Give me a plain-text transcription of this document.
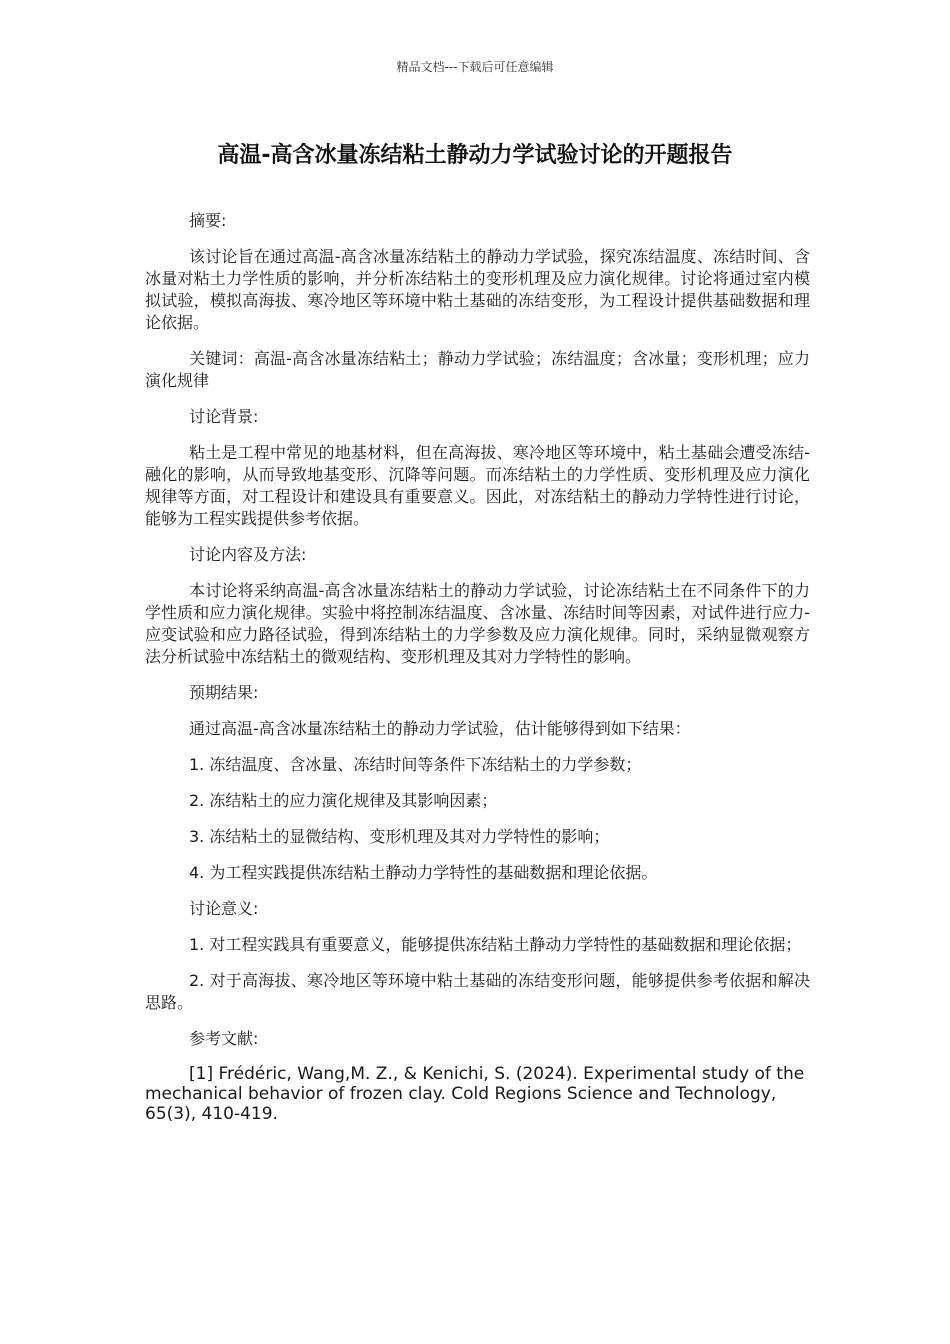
精品文档---下载后可任意编辑
高温-高含冰量冻结粘土静动力学试验讨论的开题报告
摘要:
该讨论旨在通过高温-高含冰量冻结粘土的静动力学试验，探究冻结温度、冻结时间、含冰量对粘土力学性质的影响，并分析冻结粘土的变形机理及应力演化规律。讨论将通过室内模拟试验，模拟高海拔、寒冷地区等环境中粘土基础的冻结变形，为工程设计提供基础数据和理论依据。
关键词：高温-高含冰量冻结粘土；静动力学试验；冻结温度；含冰量；变形机理；应力演化规律
讨论背景:
粘土是工程中常见的地基材料，但在高海拔、寒冷地区等环境中，粘土基础会遭受冻结-融化的影响，从而导致地基变形、沉降等问题。而冻结粘土的力学性质、变形机理及应力演化规律等方面，对工程设计和建设具有重要意义。因此，对冻结粘土的静动力学特性进行讨论，能够为工程实践提供参考依据。
讨论内容及方法:
本讨论将采纳高温-高含冰量冻结粘土的静动力学试验，讨论冻结粘土在不同条件下的力学性质和应力演化规律。实验中将控制冻结温度、含冰量、冻结时间等因素，对试件进行应力-应变试验和应力路径试验，得到冻结粘土的力学参数及应力演化规律。同时，采纳显微观察方法分析试验中冻结粘土的微观结构、变形机理及其对力学特性的影响。
预期结果:
通过高温-高含冰量冻结粘土的静动力学试验，估计能够得到如下结果：
1. 冻结温度、含冰量、冻结时间等条件下冻结粘土的力学参数；
2. 冻结粘土的应力演化规律及其影响因素；
3. 冻结粘土的显微结构、变形机理及其对力学特性的影响；
4. 为工程实践提供冻结粘土静动力学特性的基础数据和理论依据。
讨论意义:
1. 对工程实践具有重要意义，能够提供冻结粘土静动力学特性的基础数据和理论依据；
2. 对于高海拔、寒冷地区等环境中粘土基础的冻结变形问题，能够提供参考依据和解决思路。
参考文献:
[1] Frédéric, Wang,M. Z., & Kenichi, S. (2024). Experimental study of the mechanical behavior of frozen clay. Cold Regions Science and Technology, 65(3), 410-419.
